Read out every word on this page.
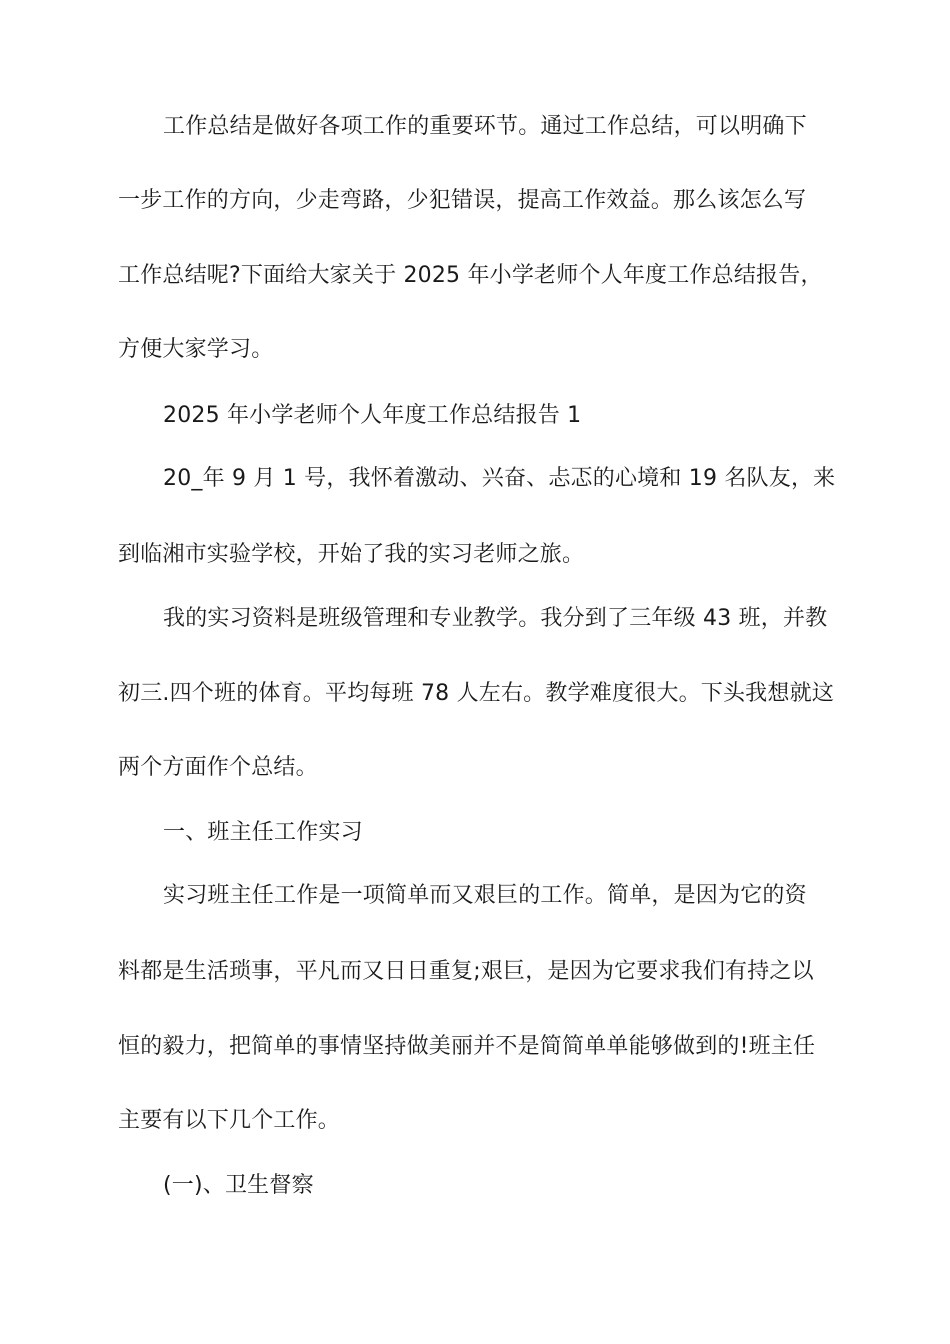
工作总结是做好各项工作的重要环节。通过工作总结，可以明确下
一步工作的方向，少走弯路，少犯错误，提高工作效益。那么该怎么写
工作总结呢?下面给大家关于 2025 年小学老师个人年度工作总结报告，
方便大家学习。
2025 年小学老师个人年度工作总结报告 1
20_年 9 月 1 号，我怀着激动、兴奋、忐忑的心境和 19 名队友，来
到临湘市实验学校，开始了我的实习老师之旅。
我的实习资料是班级管理和专业教学。我分到了三年级 43 班，并教
初三.四个班的体育。平均每班 78 人左右。教学难度很大。下头我想就这
两个方面作个总结。
一、班主任工作实习
实习班主任工作是一项简单而又艰巨的工作。简单，是因为它的资
料都是生活琐事，平凡而又日日重复;艰巨，是因为它要求我们有持之以
恒的毅力，把简单的事情坚持做美丽并不是简简单单能够做到的!班主任
主要有以下几个工作。
(一)、卫生督察
